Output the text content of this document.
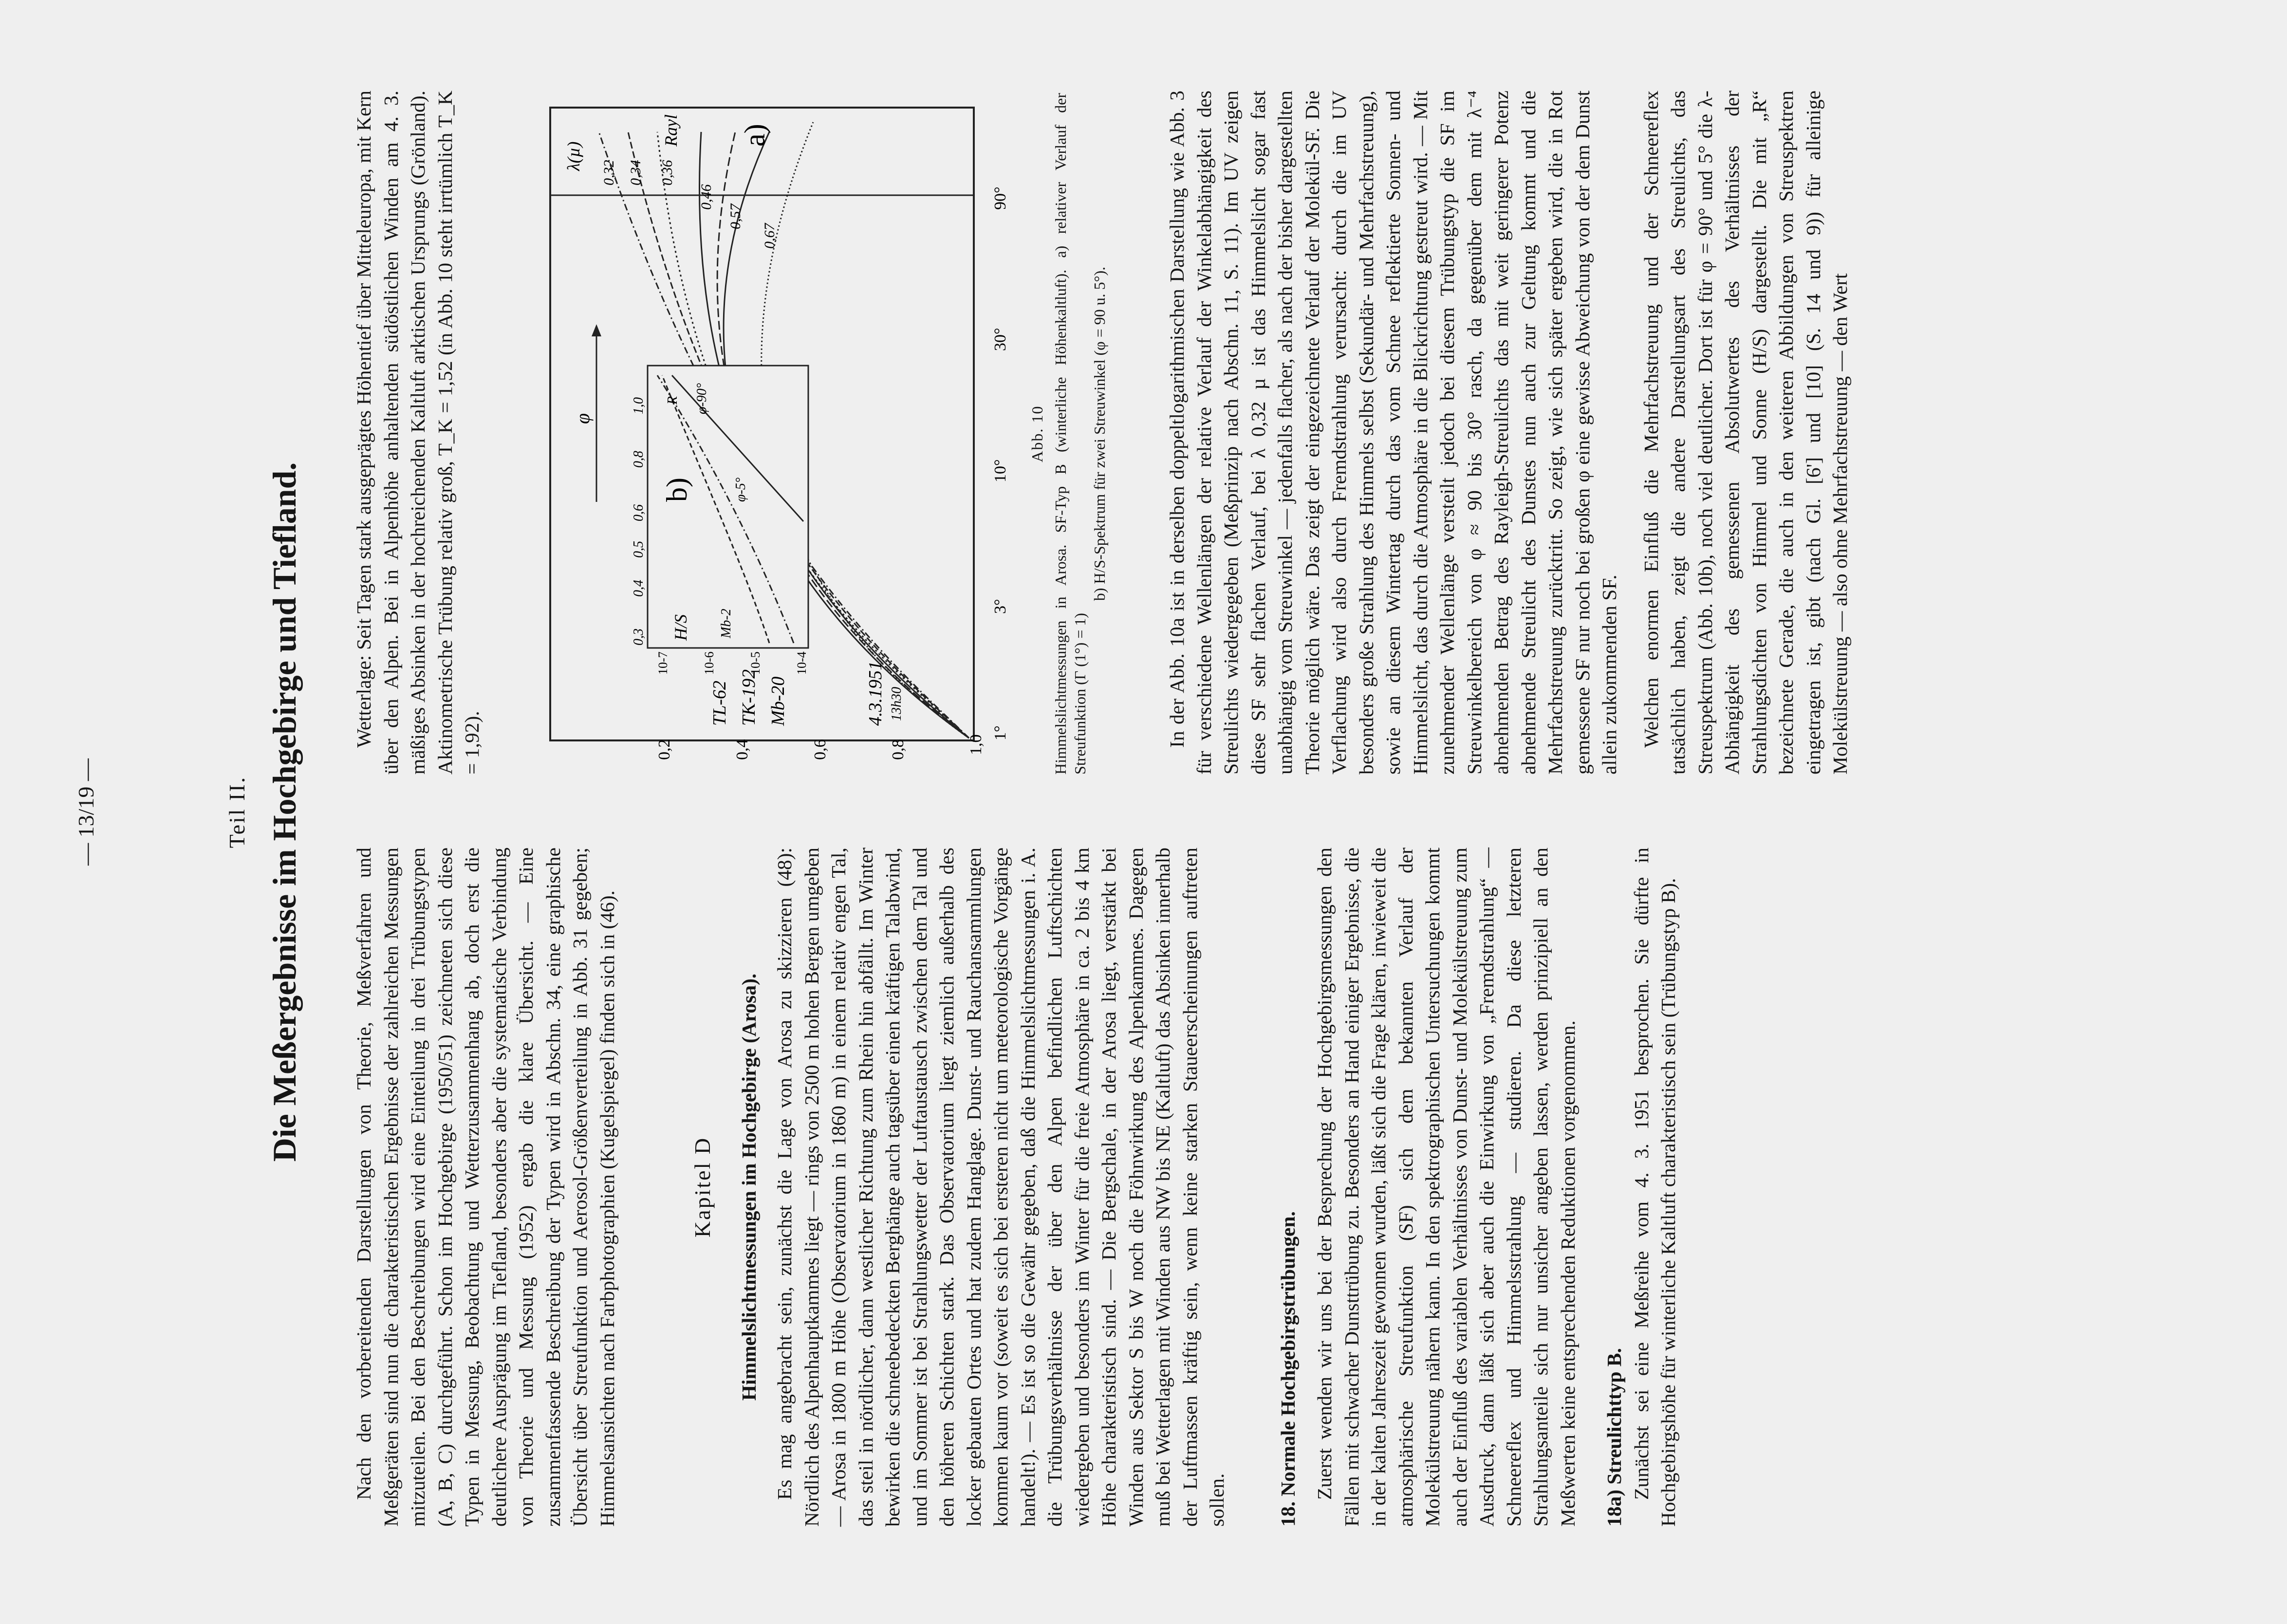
— 13/19 —	Teil II. Die Meßergebnisse im Hochgebirge und Tiefland.

Nach den vorbereitenden Darstellungen von Theorie, Meßverfahren und Meßgeräten sind nun die charakteristischen Ergebnisse der zahlreichen Messungen mitzuteilen. Bei den Beschreibungen wird eine Einteilung in drei Trübungstypen (A, B, C) durchgeführt. Schon im Hochgebirge (1950/51) zeichneten sich diese Typen in Messung, Beobachtung und Wetterzusammenhang ab, doch erst die deutlichere Ausprägung im Tiefland, besonders aber die systematische Verbindung von Theorie und Messung (1952) ergab die klare Übersicht. — Eine zusammenfassende Beschreibung der Typen wird in Abschn. 34, eine graphische Übersicht über Streufunktion und Aerosol-Größenverteilung in Abb. 31 gegeben; Himmelsansichten nach Farbphotographien (Kugelspiegel) finden sich in (46).	Kapitel D Himmelslichtmessungen im Hochgebirge (Arosa). Es mag angebracht sein, zunächst die Lage von Arosa zu skizzieren (48): Nördlich des Alpenhauptkammes liegt — rings von 2500 m hohen Bergen umgeben — Arosa in 1800 m Höhe (Observatorium in 1860 m) in einem relativ engen Tal, das steil in nördlicher, dann westlicher Richtung zum Rhein hin abfällt. Im Winter bewirken die schneebedeckten Berghänge auch tagsüber einen kräftigen Talabwind, und im Sommer ist bei Strahlungswetter der Luftaustausch zwischen dem Tal und den höheren Schichten stark. Das Observatorium liegt ziemlich außerhalb des locker gebauten Ortes und hat zudem Hanglage. Dunst- und Rauchansammlungen kommen kaum vor (soweit es sich bei ersteren nicht um meteorologische Vorgänge handelt!). — Es ist so die Gewähr gegeben, daß die Himmelslichtmessungen i. A. die Trübungsverhältnisse der über den Alpen befindlichen Luftschichten wiedergeben und besonders im Winter für die freie Atmosphäre in ca. 2 bis 4 km Höhe charakteristisch sind. — Die Bergschale, in der Arosa liegt, verstärkt bei Winden aus Sektor S bis W noch die Föhnwirkung des Alpenkammes. Dagegen muß bei Wetterlagen mit Winden aus NW bis NE (Kaltluft) das Absinken innerhalb der Luftmassen kräftig sein, wenn keine starken Staueerscheinungen auftreten sollen. 18. Normale Hochgebirgstrübungen. Zuerst wenden wir uns bei der Besprechung der Hochgebirgsmessungen den Fällen mit schwacher Dunsttrübung zu. Besonders an Hand einiger Ergebnisse, die in der kalten Jahreszeit gewonnen wurden, läßt sich die Frage klären, inwieweit die atmosphärische Streufunktion (SF) sich dem bekannten Verlauf der Molekülstreuung nähern kann. In den spektrographischen Untersuchungen kommt auch der Einfluß des variablen Verhältnisses von Dunst- und Molekülstreuung zum Ausdruck, dann läßt sich aber auch die Einwirkung von „Fremdstrahlung“ — Schneereflex und Himmelsstrahlung — studieren. Da diese letzteren Strahlungsanteile sich nur unsicher angeben lassen, werden prinzipiell an den Meßwerten keine entsprechenden Reduktionen vorgenommen. 18a) Streulichttyp B. Zunächst sei eine Meßreihe vom 4. 3. 1951 besprochen. Sie dürfte in Hochgebirgshöhe für winterliche Kaltluft charakteristisch sein (Trübungstyp B).

Wetterlage: Seit Tagen stark ausgeprägtes Höhentief über Mitteleuropa, mit Kern über den Alpen. Bei in Alpenhöhe anhaltenden südöstlichen Winden am 4. 3. mäßiges Absinken in der hochreichenden Kaltluft arktischen Ursprungs (Grönland). Aktinometrische Trübung relativ groß, T_K = 1,52 (in Abb. 10 steht irrtümlich T_K = 1,92).	1,0
0,8
0,6
0,4
0,2
1°
3°
10°
30°
90°
φ
0,32 0,34 0,36
0,46
0,57
0,67
λ(µ)
Rayl a)
4.3.1951 13h30
Mb-20
TK-192
TL-62
H/S
10-4
10-5
10-6
10-7
0,3
0,4
0,5
0,6
0,8
1,0
φ-5°
φ-90°
R
Mb-2
b)
Abb. 10 Himmelslichtmessungen in Arosa. SF-Typ B (winterliche Höhenkaltluft). a) relativer Verlauf der Streufunktion (Γ (1°) = 1)

b) H/S-Spektrum für zwei Streuwinkel (φ = 90 u. 5°).	In der Abb. 10a ist in derselben doppeltlogarithmischen Darstellung wie Abb. 3 für verschiedene Wellenlängen der relative Verlauf der Winkelabhängigkeit des Streulichts wiedergegeben (Meßprinzip nach Abschn. 11, S. 11). Im UV zeigen diese SF sehr flachen Verlauf, bei λ 0,32 µ ist das Himmelslicht sogar fast unabhängig vom Streuwinkel — jedenfalls flacher, als nach der bisher dargestellten Theorie möglich wäre. Das zeigt der eingezeichnete Verlauf der Molekül-SF. Die Verflachung wird also durch Fremdstrahlung verursacht: durch die im UV besonders große Strahlung des Himmels selbst (Sekundär- und Mehrfachstreuung), sowie an diesem Wintertag durch das vom Schnee reflektierte Sonnen- und Himmelslicht, das durch die Atmosphäre in die Blickrichtung gestreut wird. — Mit zunehmender Wellenlänge versteilt jedoch bei diesem Trübungstyp die SF im Streuwinkelbereich von φ ≈ 90 bis 30° rasch, da gegenüber dem mit λ⁻⁴ abnehmenden Betrag des Rayleigh-Streulichts das mit weit geringerer Potenz abnehmende Streulicht des Dunstes nun auch zur Geltung kommt und die Mehrfachstreuung zurücktritt. So zeigt, wie sich später ergeben wird, die in Rot gemessene SF nur noch bei großen φ eine gewisse Abweichung von der dem Dunst allein zukommenden SF. Welchen enormen Einfluß die Mehrfachstreuung und der Schneereflex tatsächlich haben, zeigt die andere Darstellungsart des Streulichts, das Streuspektrum (Abb. 10b), noch viel deutlicher. Dort ist für φ = 90° und 5° die λ-Abhängigkeit des gemessenen Absolutwertes des Verhältnisses der Strahlungsdichten von Himmel und Sonne (H/S) dargestellt. Die mit „R“ bezeichnete Gerade, die auch in den weiteren Abbildungen von Streuspektren eingetragen ist, gibt (nach Gl. [6'] und [10] (S. 14 und 9)) für alleinige Molekülstreuung — also ohne Mehrfachstreuung — den Wert
